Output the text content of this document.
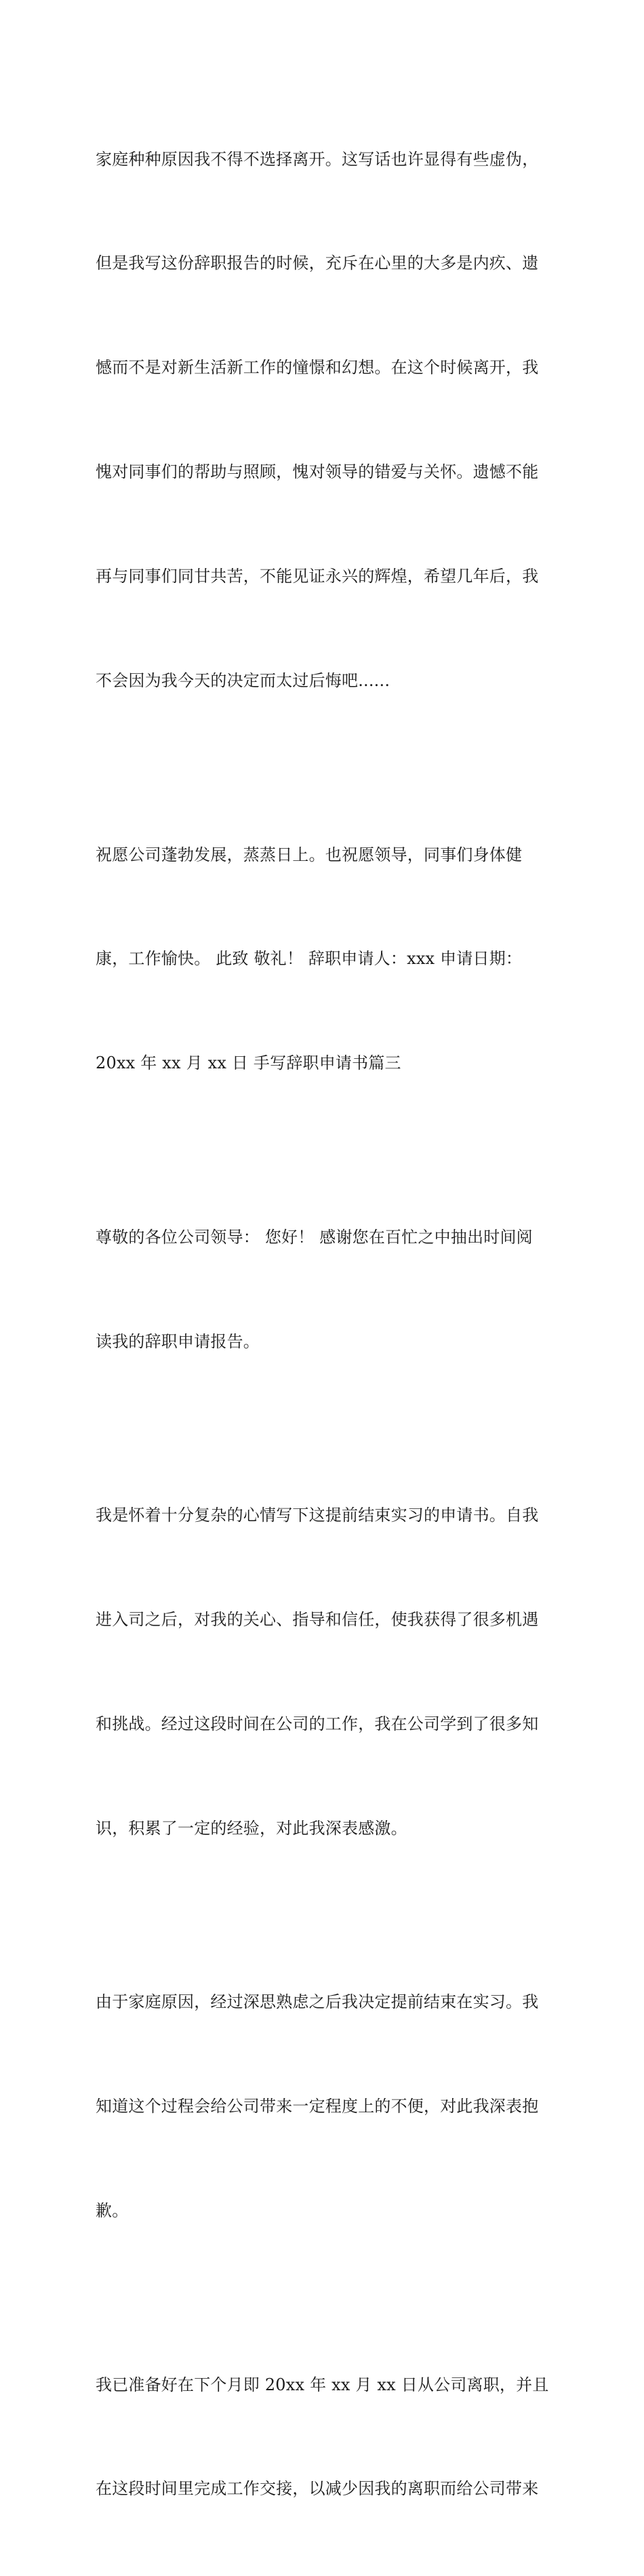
家庭种种原因我不得不选择离开。这写话也许显得有些虚伪，

但是我写这份辞职报告的时候，充斥在心里的大多是内疚、遗

憾而不是对新生活新工作的憧憬和幻想。在这个时候离开，我

愧对同事们的帮助与照顾，愧对领导的错爱与关怀。遗憾不能

再与同事们同甘共苦，不能见证永兴的辉煌，希望几年后，我

不会因为我今天的决定而太过后悔吧......

祝愿公司蓬勃发展，蒸蒸日上。也祝愿领导，同事们身体健

康，工作愉快。 此致 敬礼！ 辞职申请人：xxx 申请日期：

20xx 年 xx 月 xx 日 手写辞职申请书篇三

尊敬的各位公司领导： 您好！ 感谢您在百忙之中抽出时间阅

读我的辞职申请报告。

我是怀着十分复杂的心情写下这提前结束实习的申请书。自我

进入司之后，对我的关心、指导和信任，使我获得了很多机遇

和挑战。经过这段时间在公司的工作，我在公司学到了很多知

识，积累了一定的经验，对此我深表感激。

由于家庭原因，经过深思熟虑之后我决定提前结束在实习。我

知道这个过程会给公司带来一定程度上的不便，对此我深表抱

歉。

我已准备好在下个月即 20xx 年 xx 月 xx 日从公司离职，并且

在这段时间里完成工作交接，以减少因我的离职而给公司带来
